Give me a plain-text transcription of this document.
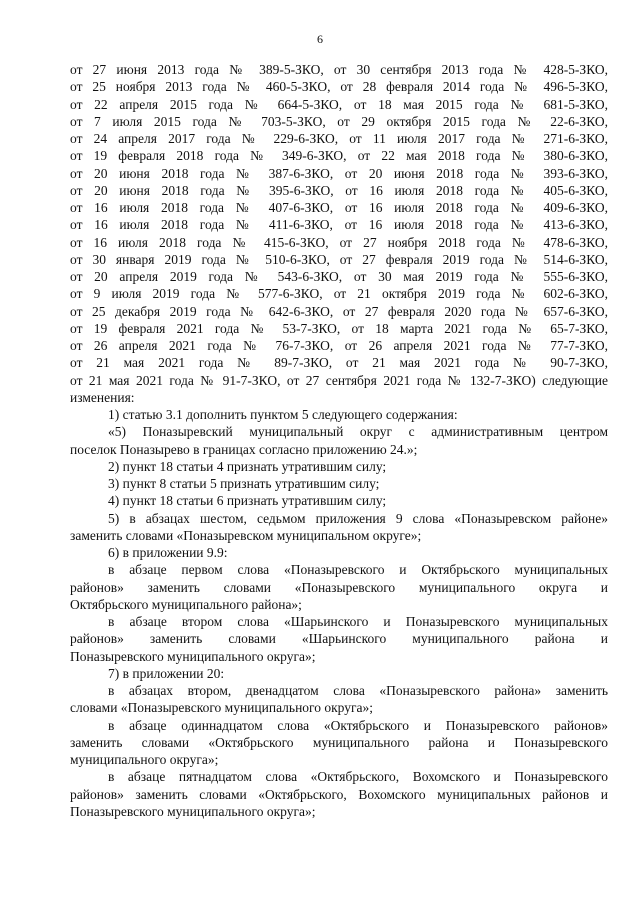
6
от 27 июня 2013 года № 389-5-ЗКО, от 30 сентября 2013 года № 428-5-ЗКО,
от 25 ноября 2013 года № 460-5-ЗКО, от 28 февраля 2014 года № 496-5-ЗКО,
от 22 апреля 2015 года № 664-5-ЗКО, от 18 мая 2015 года № 681-5-ЗКО,
от 7 июля 2015 года № 703-5-ЗКО, от 29 октября 2015 года № 22-6-ЗКО,
от 24 апреля 2017 года № 229-6-ЗКО, от 11 июля 2017 года № 271-6-ЗКО,
от 19 февраля 2018 года № 349-6-ЗКО, от 22 мая 2018 года № 380-6-ЗКО,
от 20 июня 2018 года № 387-6-ЗКО, от 20 июня 2018 года № 393-6-ЗКО,
от 20 июня 2018 года № 395-6-ЗКО, от 16 июля 2018 года № 405-6-ЗКО,
от 16 июля 2018 года № 407-6-ЗКО, от 16 июля 2018 года № 409-6-ЗКО,
от 16 июля 2018 года № 411-6-ЗКО, от 16 июля 2018 года № 413-6-ЗКО,
от 16 июля 2018 года № 415-6-ЗКО, от 27 ноября 2018 года № 478-6-ЗКО,
от 30 января 2019 года № 510-6-ЗКО, от 27 февраля 2019 года № 514-6-ЗКО,
от 20 апреля 2019 года № 543-6-ЗКО, от 30 мая 2019 года № 555-6-ЗКО,
от 9 июля 2019 года № 577-6-ЗКО, от 21 октября 2019 года № 602-6-ЗКО,
от 25 декабря 2019 года № 642-6-ЗКО, от 27 февраля 2020 года № 657-6-ЗКО,
от 19 февраля 2021 года № 53-7-ЗКО, от 18 марта 2021 года № 65-7-ЗКО,
от 26 апреля 2021 года № 76-7-ЗКО, от 26 апреля 2021 года № 77-7-ЗКО,
от 21 мая 2021 года № 89-7-ЗКО, от 21 мая 2021 года № 90-7-ЗКО,
от 21 мая 2021 года № 91-7-ЗКО, от 27 сентября 2021 года № 132-7-ЗКО) следующие
изменения:
1) статью 3.1 дополнить пунктом 5 следующего содержания:
«5) Поназыревский муниципальный округ с административным центром
поселок Поназырево в границах согласно приложению 24.»;
2) пункт 18 статьи 4 признать утратившим силу;
3) пункт 8 статьи 5 признать утратившим силу;
4) пункт 18 статьи 6 признать утратившим силу;
5) в абзацах шестом, седьмом приложения 9 слова «Поназыревском районе»
заменить словами «Поназыревском муниципальном округе»;
6) в приложении 9.9:
в абзаце первом слова «Поназыревского и Октябрьского муниципальных
районов» заменить словами «Поназыревского муниципального округа и
Октябрьского муниципального района»;
в абзаце втором слова «Шарьинского и Поназыревского муниципальных
районов» заменить словами «Шарьинского муниципального района и
Поназыревского муниципального округа»;
7) в приложении 20:
в абзацах втором, двенадцатом слова «Поназыревского района» заменить
словами «Поназыревского муниципального округа»;
в абзаце одиннадцатом слова «Октябрьского и Поназыревского районов»
заменить словами «Октябрьского муниципального района и Поназыревского
муниципального округа»;
в абзаце пятнадцатом слова «Октябрьского, Вохомского и Поназыревского
районов» заменить словами «Октябрьского, Вохомского муниципальных районов и
Поназыревского муниципального округа»;
